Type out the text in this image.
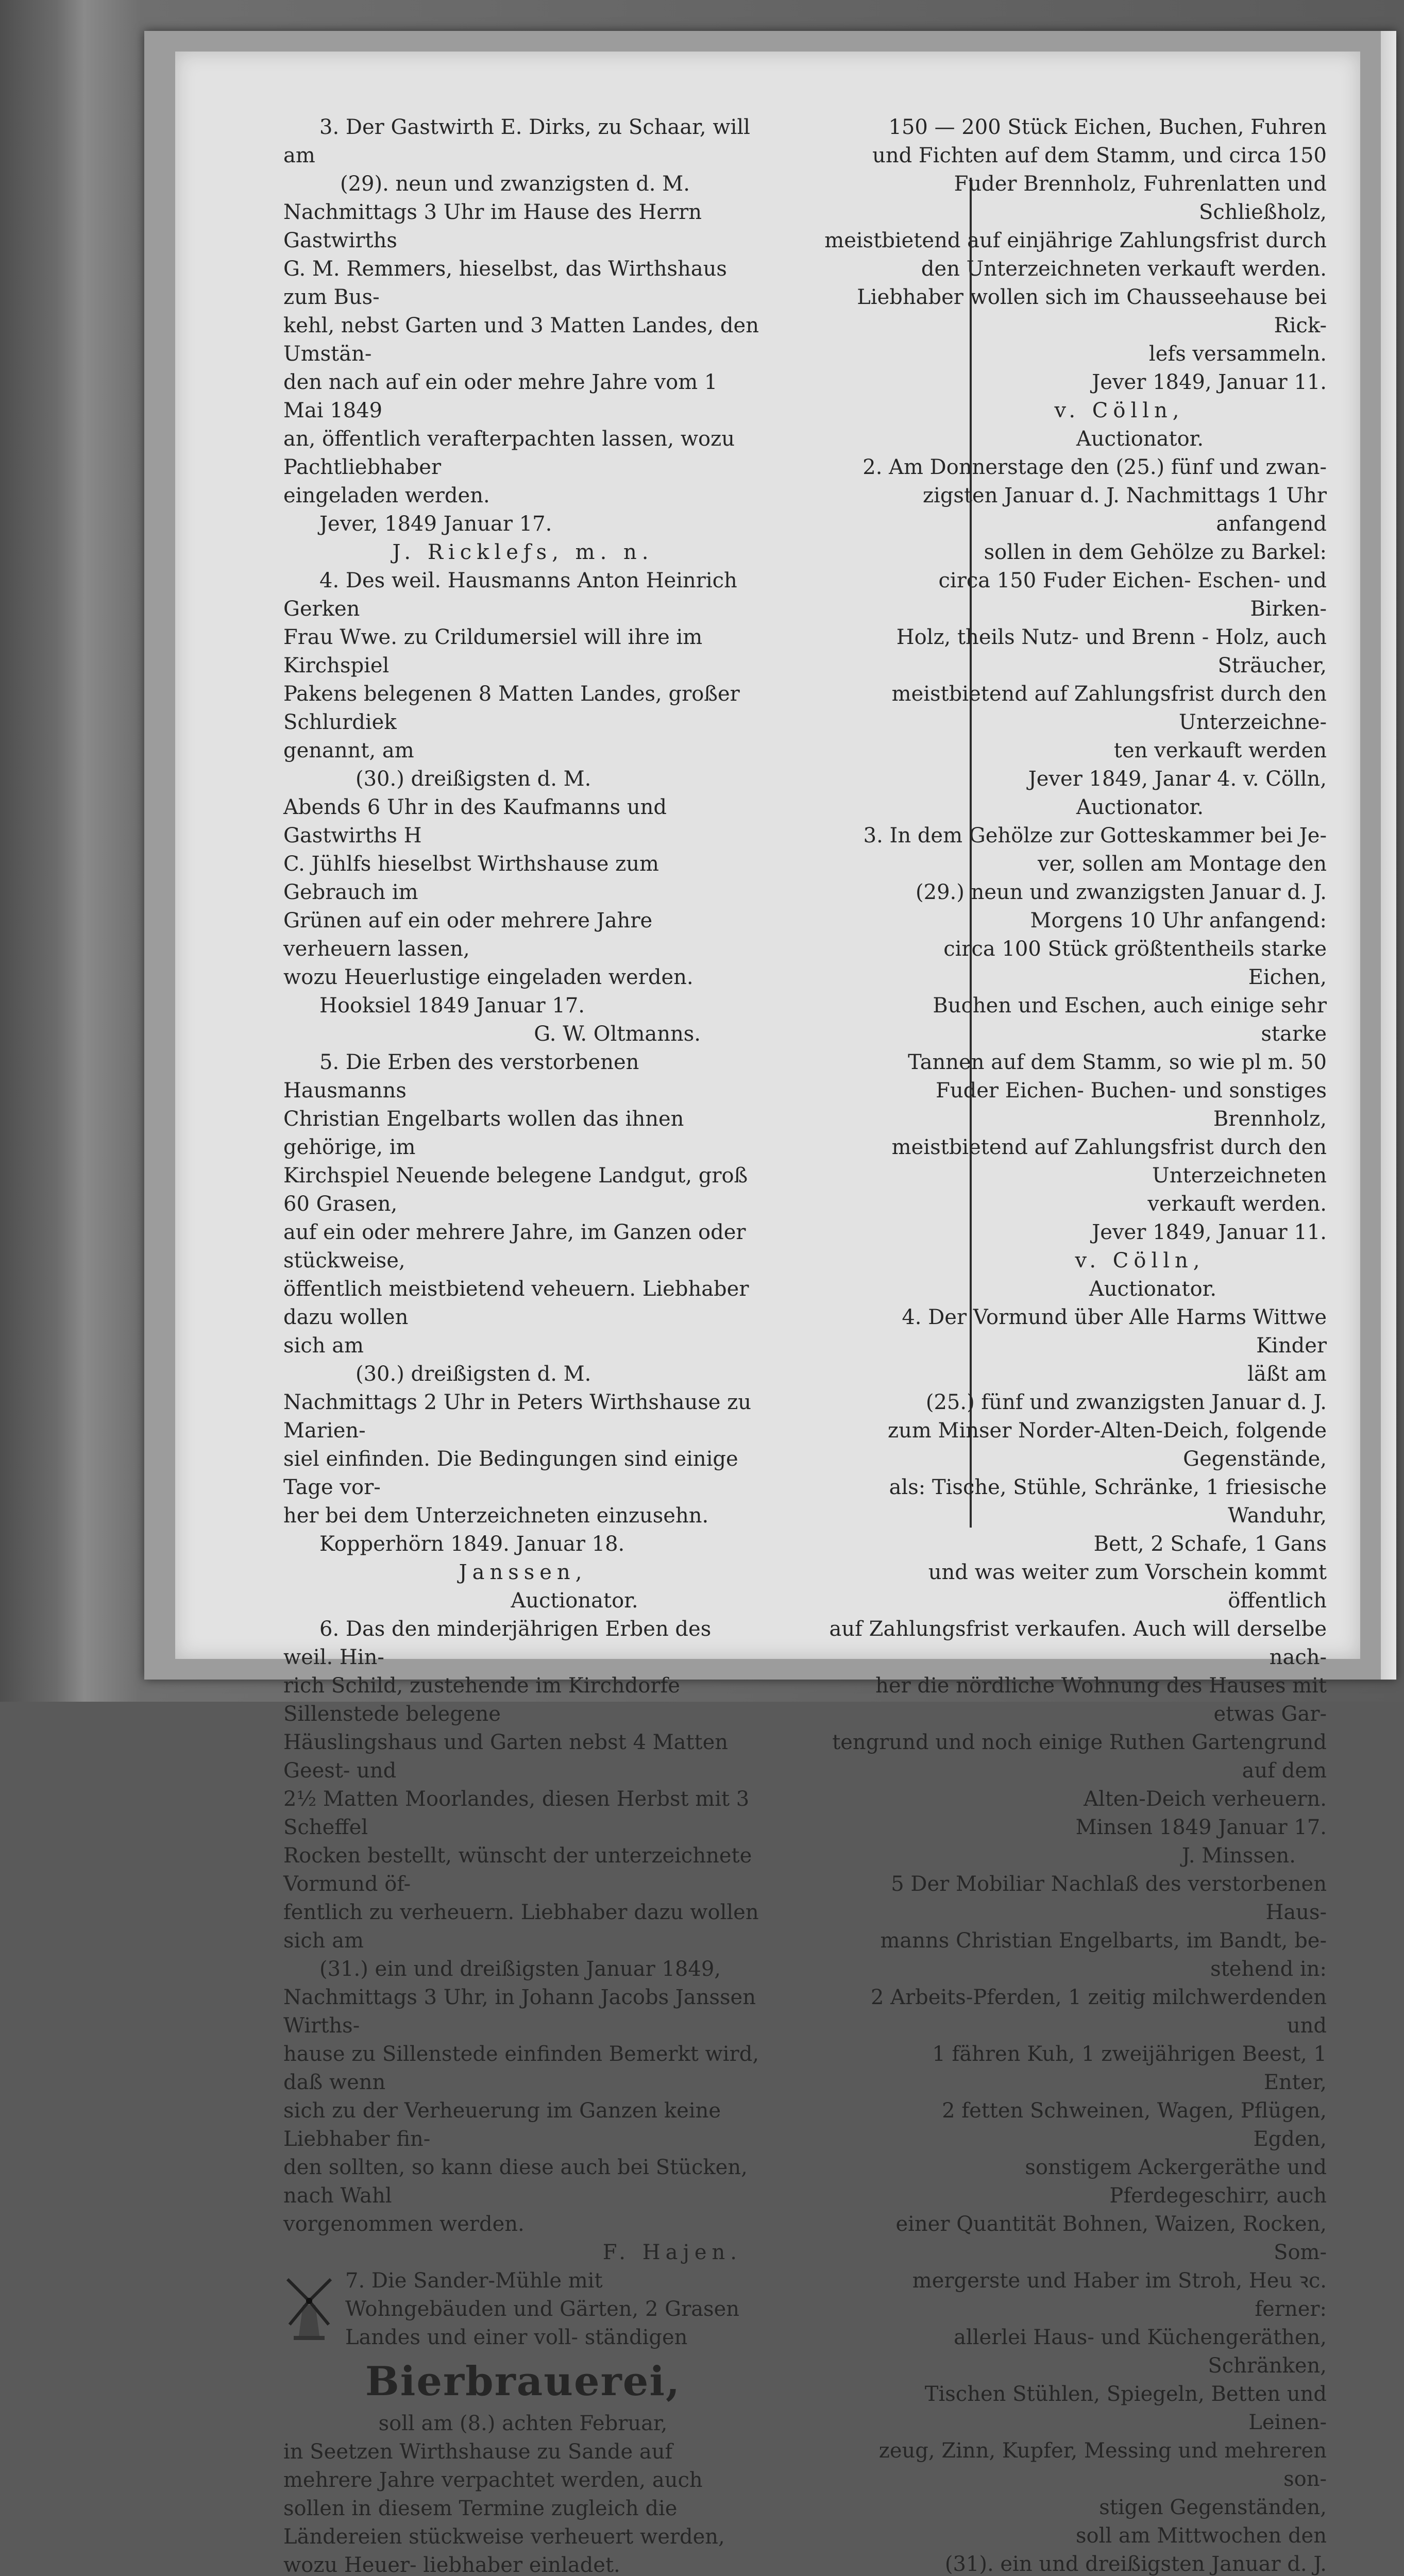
3. Der Gastwirth E. Dirks, zu Schaar, will am

(29). neun und zwanzigsten d. M.

Nachmittags 3 Uhr im Hause des Herrn Gastwirths

G. M. Remmers, hieselbst, das Wirthshaus zum Bus-

kehl, nebst Garten und 3 Matten Landes, den Umstän-

den nach auf ein oder mehre Jahre vom 1 Mai 1849

an, öffentlich verafterpachten lassen, wozu Pachtliebhaber

eingeladen werden.

Jever, 1849 Januar 17.

J. Rickleƒs, m. n.

4. Des weil. Hausmanns Anton Heinrich Gerken

Frau Wwe. zu Crildumersiel will ihre im Kirchspiel

Pakens belegenen 8 Matten Landes, großer Schlurdiek

genannt, am

(30.) dreißigsten d. M.

Abends 6 Uhr in des Kaufmanns und Gastwirths H

C. Jühlfs hieselbst Wirthshause zum Gebrauch im

Grünen auf ein oder mehrere Jahre verheuern lassen,

wozu Heuerlustige eingeladen werden.

Hooksiel 1849 Januar 17.

G. W. Oltmanns.

5. Die Erben des verstorbenen Hausmanns

Christian Engelbarts wollen das ihnen gehörige, im

Kirchspiel Neuende belegene Landgut, groß 60 Grasen,

auf ein oder mehrere Jahre, im Ganzen oder stückweise,

öffentlich meistbietend veheuern. Liebhaber dazu wollen

sich am

(30.) dreißigsten d. M.

Nachmittags 2 Uhr in Peters Wirthshause zu Marien-

siel einfinden. Die Bedingungen sind einige Tage vor-

her bei dem Unterzeichneten einzusehn.

Kopperhörn 1849. Januar 18.

Janssen,

Auctionator.

6. Das den minderjährigen Erben des weil. Hin-

rich Schild, zustehende im Kirchdorfe Sillenstede belegene

Häuslingshaus und Garten nebst 4 Matten Geest- und

2½ Matten Moorlandes, diesen Herbst mit 3 Scheffel

Rocken bestellt, wünscht der unterzeichnete Vormund öf-

fentlich zu verheuern. Liebhaber dazu wollen sich am

(31.) ein und dreißigsten Januar 1849,

Nachmittags 3 Uhr, in Johann Jacobs Janssen Wirths-

hause zu Sillenstede einfinden Bemerkt wird, daß wenn

sich zu der Verheuerung im Ganzen keine Liebhaber fin-

den sollten, so kann diese auch bei Stücken, nach Wahl

vorgenommen werden.

F. Hajen.

7. Die Sander-Mühle mit Wohngebäuden und Gärten, 2 Grasen Landes und einer voll- ständigen

Bierbrauerei,

soll am (8.) achten Februar,

in Seetzen Wirthshause zu Sande auf mehrere Jahre verpachtet werden, auch sollen in diesem Termine zugleich die Ländereien stückweise verheuert werden, wozu Heuer- liebhaber einladet.

150 — 200 Stück Eichen, Buchen, Fuhren

und Fichten auf dem Stamm, und circa 150

Fuder Brennholz, Fuhrenlatten und Schließholz,

meistbietend auf einjährige Zahlungsfrist durch

den Unterzeichneten verkauft werden.

Liebhaber wollen sich im Chausseehause bei Rick-

lefs versammeln.

Jever 1849, Januar 11.

v. Cölln,

Auctionator.

2. Am Donnerstage den (25.) fünf und zwan-

zigsten Januar d. J. Nachmittags 1 Uhr anfangend

sollen in dem Gehölze zu Barkel:

circa 150 Fuder Eichen- Eschen- und Birken-

Holz, theils Nutz- und Brenn - Holz, auch

Sträucher,

meistbietend auf Zahlungsfrist durch den Unterzeichne-

ten verkauft werden

Jever 1849, Janar 4. v. Cölln,

Auctionator.

3. In dem Gehölze zur Gotteskammer bei Je-

ver, sollen am Montage den

(29.) neun und zwanzigsten Januar d. J.

Morgens 10 Uhr anfangend:

circa 100 Stück größtentheils starke Eichen,

Buchen und Eschen, auch einige sehr starke

Tannen auf dem Stamm, so wie pl m. 50

Fuder Eichen- Buchen- und sonstiges Brennholz,

meistbietend auf Zahlungsfrist durch den Unterzeichneten

verkauft werden.

Jever 1849, Januar 11.

v. Cölln,

Auctionator.

4. Der Vormund über Alle Harms Wittwe Kinder

läßt am

(25.) fünf und zwanzigsten Januar d. J.

zum Minser Norder-Alten-Deich, folgende Gegenstände,

als: Tische, Stühle, Schränke, 1 friesische Wanduhr,

Bett, 2 Schafe, 1 Gans

und was weiter zum Vorschein kommt öffentlich

auf Zahlungsfrist verkaufen. Auch will derselbe nach-

her die nördliche Wohnung des Hauses mit etwas Gar-

tengrund und noch einige Ruthen Gartengrund auf dem

Alten-Deich verheuern.

Minsen 1849 Januar 17.

J. Minssen.

5 Der Mobiliar Nachlaß des verstorbenen Haus-

manns Christian Engelbarts, im Bandt, be-

stehend in:

2 Arbeits-Pferden, 1 zeitig milchwerdenden und

1 fähren Kuh, 1 zweijährigen Beest, 1 Enter,

2 fetten Schweinen, Wagen, Pflügen, Egden,

sonstigem Ackergeräthe und Pferdegeschirr, auch

einer Quantität Bohnen, Waizen, Rocken, Som-

mergerste und Haber im Stroh, Heu ꝛc.

ferner:

allerlei Haus- und Küchengeräthen, Schränken,

Tischen Stühlen, Spiegeln, Betten und Leinen-

zeug, Zinn, Kupfer, Messing und mehreren son-

stigen Gegenständen,

soll am Mittwochen den

(31). ein und dreißigsten Januar d. J.
